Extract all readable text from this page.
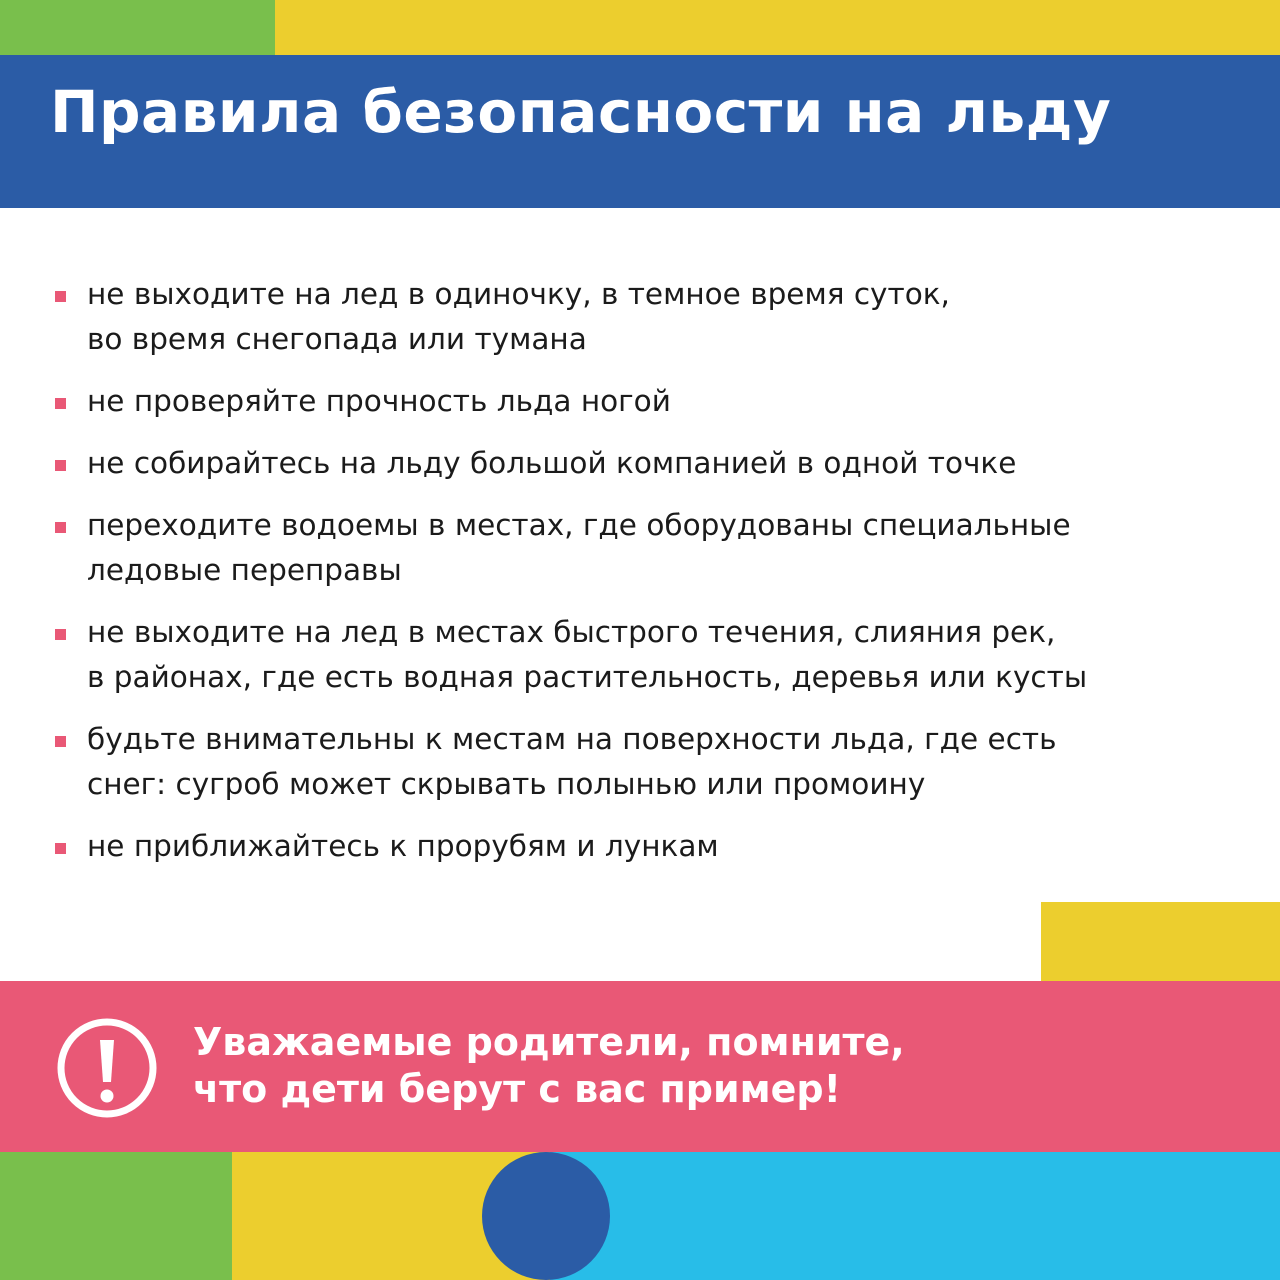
Правила безопасности на льду
не выходите на лед в одиночку, в темное время суток,
во время снегопада или тумана
не проверяйте прочность льда ногой
не собирайтесь на льду большой компанией в одной точке
переходите водоемы в местах, где оборудованы специальные
ледовые переправы
не выходите на лед в местах быстрого течения, слияния рек,
в районах, где есть водная растительность, деревья или кусты
будьте внимательны к местам на поверхности льда, где есть
снег: сугроб может скрывать полынью или промоину
не приближайтесь к прорубям и лункам

Уважаемые родители, помните,
что дети берут с вас пример!
